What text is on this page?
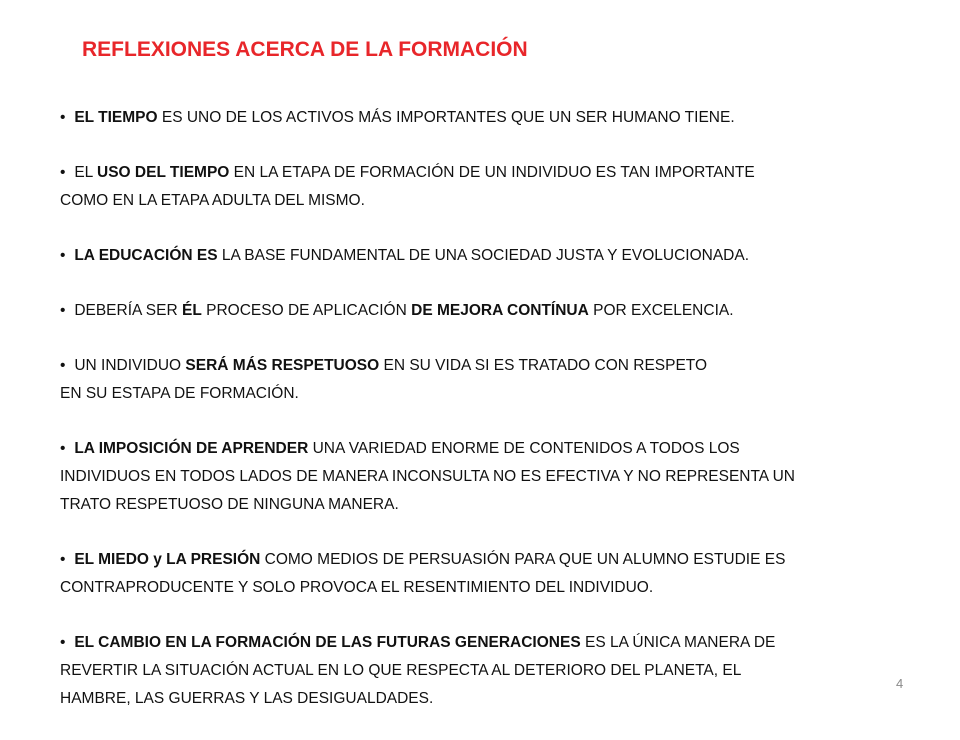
REFLEXIONES ACERCA DE LA FORMACIÓN
• EL TIEMPO ES UNO DE LOS ACTIVOS MÁS IMPORTANTES QUE UN SER HUMANO TIENE.
• EL USO DEL TIEMPO EN LA ETAPA DE FORMACIÓN DE UN INDIVIDUO ES TAN IMPORTANTE
COMO EN LA ETAPA ADULTA DEL MISMO.
• LA EDUCACIÓN ES LA BASE FUNDAMENTAL DE UNA SOCIEDAD JUSTA Y EVOLUCIONADA.
• DEBERÍA SER ÉL PROCESO DE APLICACIÓN DE MEJORA CONTÍNUA POR EXCELENCIA.
• UN INDIVIDUO SERÁ MÁS RESPETUOSO EN SU VIDA SI ES TRATADO CON RESPETO
EN SU ESTAPA DE FORMACIÓN.
• LA IMPOSICIÓN DE APRENDER UNA VARIEDAD ENORME DE CONTENIDOS A TODOS LOS
INDIVIDUOS EN TODOS LADOS DE MANERA INCONSULTA NO ES EFECTIVA Y NO REPRESENTA UN
TRATO RESPETUOSO DE NINGUNA MANERA.
• EL MIEDO y LA PRESIÓN COMO MEDIOS DE PERSUASIÓN PARA QUE UN ALUMNO ESTUDIE ES
CONTRAPRODUCENTE Y SOLO PROVOCA EL RESENTIMIENTO DEL INDIVIDUO.
• EL CAMBIO EN LA FORMACIÓN DE LAS FUTURAS GENERACIONES ES LA ÚNICA MANERA DE
REVERTIR LA SITUACIÓN ACTUAL EN LO QUE RESPECTA AL DETERIORO DEL PLANETA, EL
HAMBRE, LAS GUERRAS Y LAS DESIGUALDADES.
4
